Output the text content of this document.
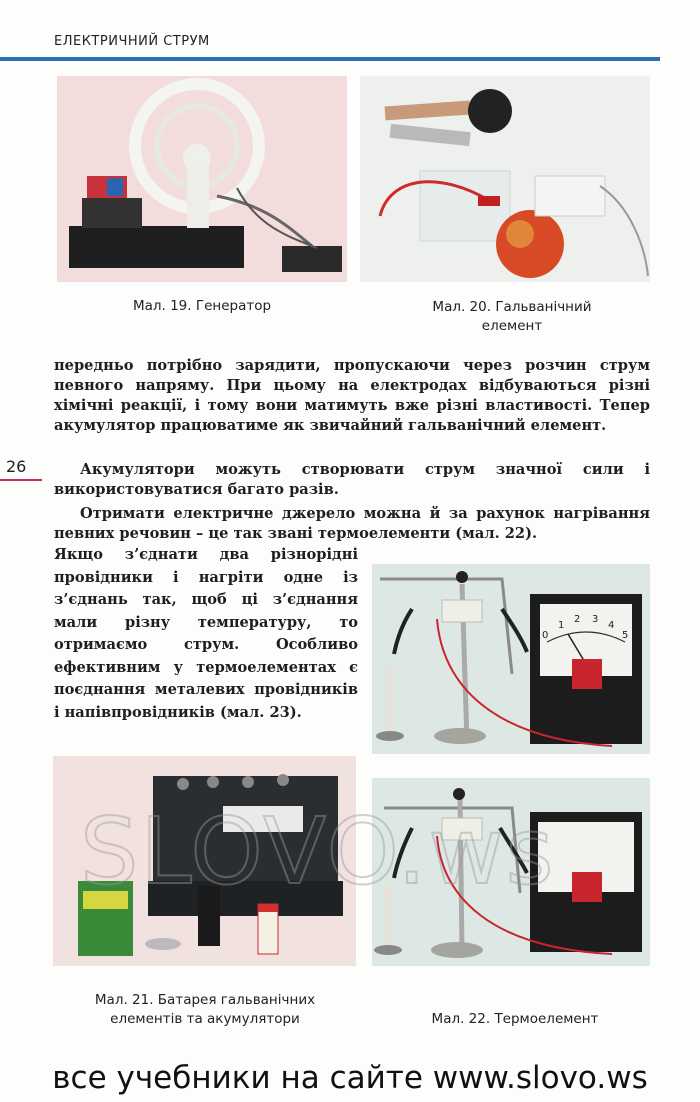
ЕЛЕКТРИЧНИЙ СТРУМ
Мал. 19. Генератор	Мал. 20. Гальванічний
елемент
передньо потрібно зарядити, пропускаючи через розчин струм певного напряму. При цьому на електродах відбуваються різні хімічні реакції, і тому вони матимуть вже різні властивості. Тепер акумулятор працюватиме як звичайний гальванічний елемент.
26	Акумулятори можуть створювати струм значної сили і використовуватися багато разів.
Отримати електричне джерело можна й за рахунок нагрівання певних речовин – це так звані термоелементи (мал. 22).
Якщо з’єднати два різнорідні провідники і нагріти одне із з’єднань так, щоб ці з’єднання мали різну температуру, то отримаємо струм. Особливо ефективним у термоелементах є поєднання металевих провідників і напівпровідників (мал. 23).
0
1
2 3
4
5
Мал. 21. Батарея гальванічних
елементів та акумулятори	Мал. 22. Термоелемент
SLOVO.ws
все учебники на сайте www.slovo.ws
